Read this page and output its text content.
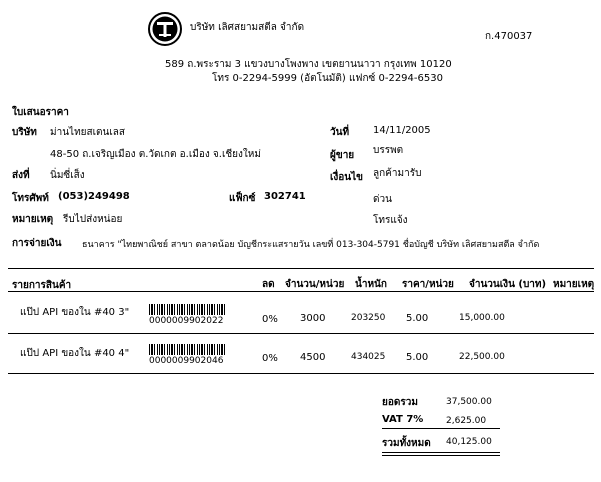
บริษัท เลิศสยามสตีล จำกัด
ก.470037
589 ถ.พระราม 3 แขวงบางโพงพาง เขตยานนาวา กรุงเทพ 10120
โทร 0-2294-5999 (อัตโนมัติ) แฟกซ์ 0-2294-6530
ใบเสนอราคา
บริษัท ม่านไทยสเตนเลส
48-50 ถ.เจริญเมือง ต.วัดเกต อ.เมือง จ.เชียงใหม่
ส่งที่ นิ่มซี่เส็ง
โทรศัพท์ (053)249498	แฟ็กซ์ 302741
หมายเหตุ รีบไปส่งหน่อย
วันที่ 14/11/2005
ผู้ขาย บรรพต
เงื่อนไข ลูกค้ามารับ
ด่วน
โทรแจ้ง
การจ่ายเงิน ธนาคาร "ไทยพาณิชย์ สาขา ตลาดน้อย บัญชีกระแสรายวัน เลขที่ 013-304-5791 ชื่อบัญชี บริษัท เลิศสยามสตีล จำกัด
รายการสินค้า	ลด จำนวน/หน่วย น้ำหนัก ราคา/หน่วย จำนวนเงิน (บาท) หมายเหตุ
แป๊ป API ของใน #40 3"
0000009902022	0% 3000	203250 5.00	15,000.00
แป๊ป API ของใน #40 4"
0000009902046	0% 4500	434025 5.00	22,500.00
ยอดรวม	37,500.00
VAT 7%	2,625.00
รวมทั้งหมด 40,125.00
